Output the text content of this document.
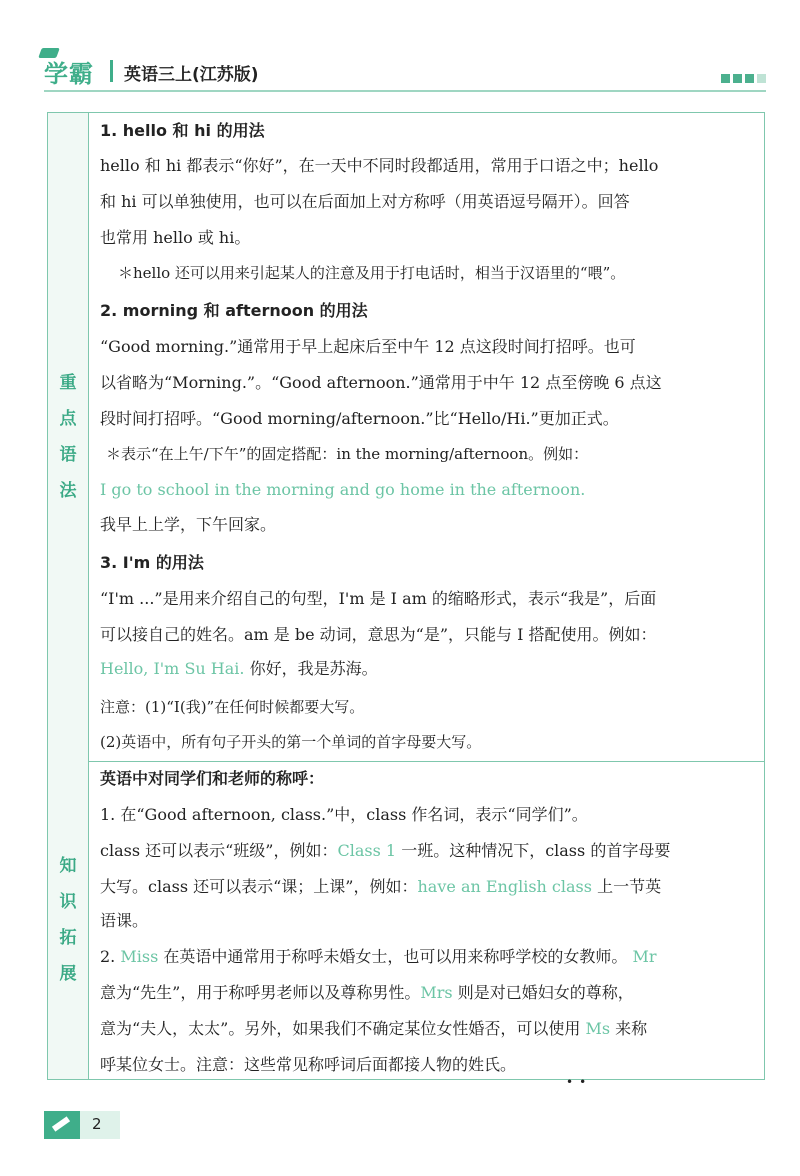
学霸 英语三上(江苏版)
重
点
语
法
1. hello 和 hi 的用法
hello 和 hi 都表示“你好”，在一天中不同时段都适用，常用于口语之中；hello
和 hi 可以单独使用，也可以在后面加上对方称呼（用英语逗号隔开）。回答
也常用 hello 或 hi。
＊hello 还可以用来引起某人的注意及用于打电话时，相当于汉语里的“喂”。
2. morning 和 afternoon 的用法
“Good morning.”通常用于早上起床后至中午 12 点这段时间打招呼。也可
以省略为“Morning.”。“Good afternoon.”通常用于中午 12 点至傍晚 6 点这
段时间打招呼。“Good morning/afternoon.”比“Hello/Hi.”更加正式。
＊表示“在上午/下午”的固定搭配：in the morning/afternoon。例如：
I go to school in the morning and go home in the afternoon.
我早上上学，下午回家。
3. I'm 的用法
“I'm ...”是用来介绍自己的句型，I'm 是 I am 的缩略形式，表示“我是”，后面
可以接自己的姓名。am 是 be 动词，意思为“是”，只能与 I 搭配使用。例如：
Hello, I'm Su Hai. 你好，我是苏海。
注意：(1)“I(我)”在任何时候都要大写。
(2)英语中，所有句子开头的第一个单词的首字母要大写。
知
识
拓
展
英语中对同学们和老师的称呼：
1. 在“Good afternoon, class.”中，class 作名词，表示“同学们”。
class 还可以表示“班级”，例如：Class 1 一班。这种情况下，class 的首字母要
大写。class 还可以表示“课；上课”，例如：have an English class 上一节英
语课。
2. Miss 在英语中通常用于称呼未婚女士，也可以用来称呼学校的女教师。 Mr
意为“先生”，用于称呼男老师以及尊称男性。Mrs 则是对已婚妇女的尊称，
意为“夫人，太太”。另外，如果我们不确定某位女性婚否，可以使用 Ms 来称
呼某位女士。注意：这些常见称呼词后面都接人物的姓氏。
••
2
